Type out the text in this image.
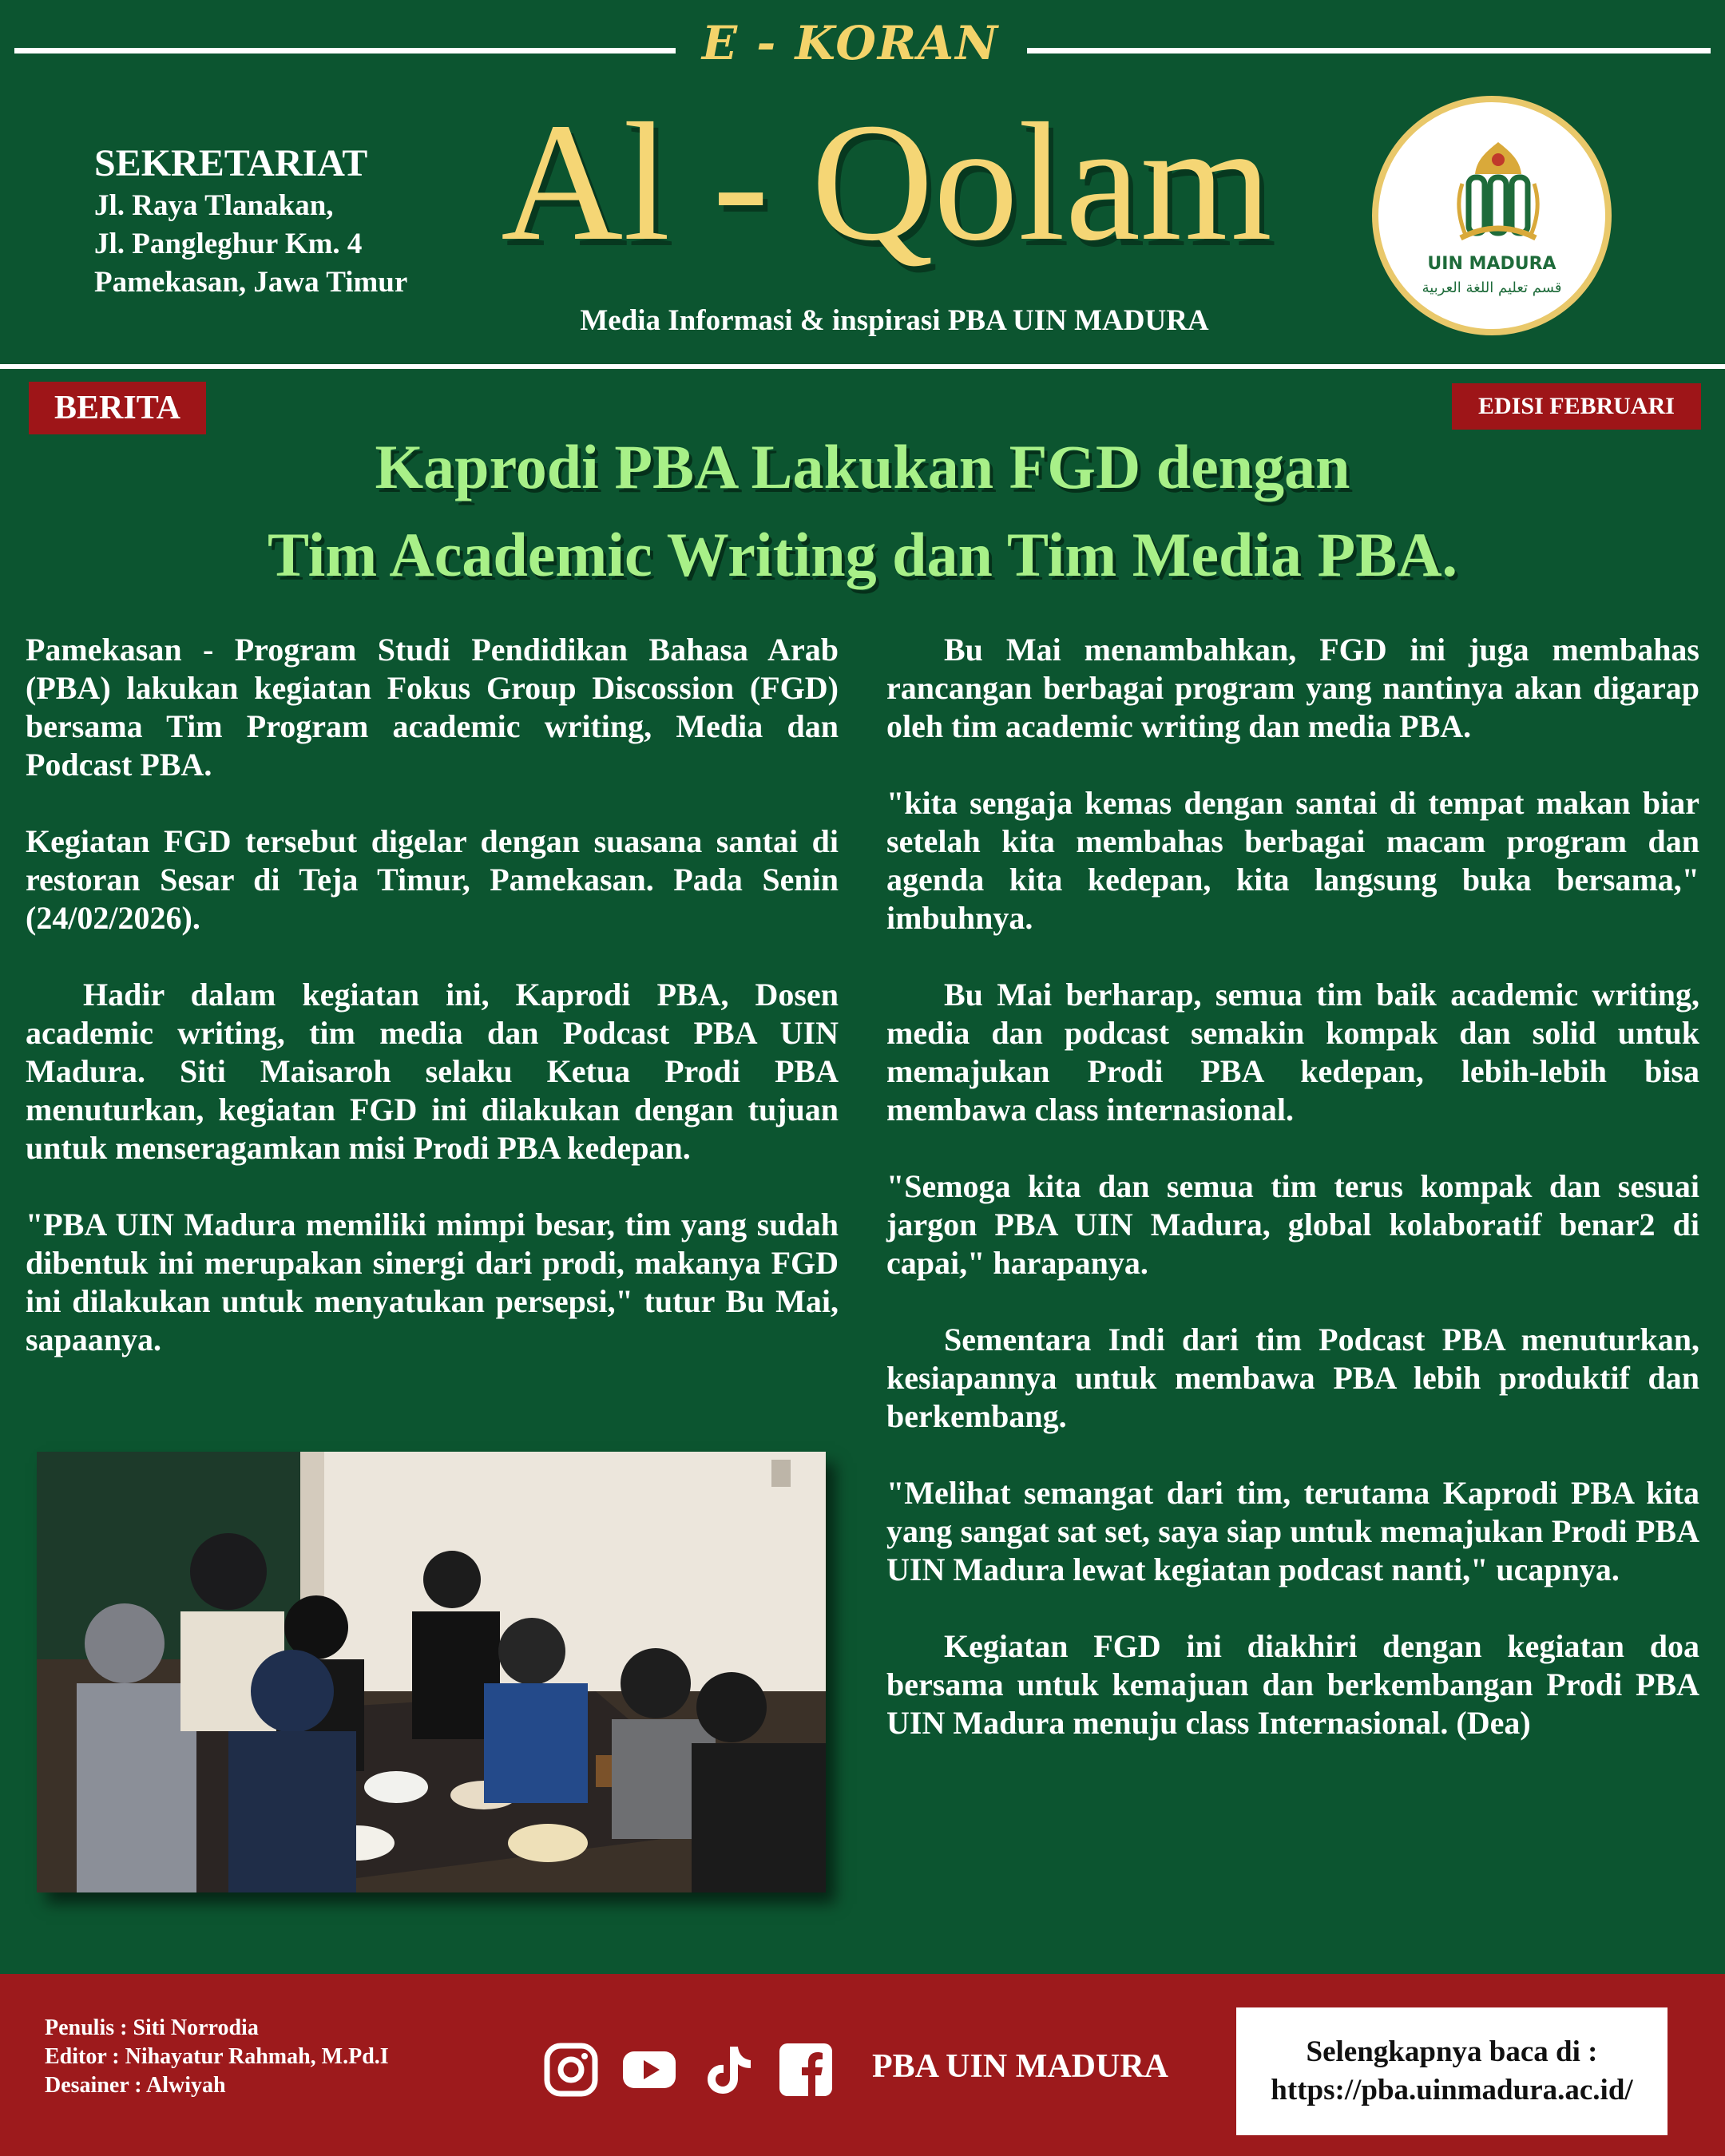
E - KORAN
SEKRETARIAT
Jl. Raya Tlanakan,
Jl. Pangleghur Km. 4
Pamekasan, Jawa Timur
Al - Qolam
Media Informasi & inspirasi PBA UIN MADURA
UIN MADURA
قسم تعليم اللغة العربية
BERITA	EDISI FEBRUARI
Kaprodi PBA Lakukan FGD dengan
Tim Academic Writing dan Tim Media PBA.

Pamekasan - Program Studi Pendidikan Bahasa Arab (PBA) lakukan kegiatan Fokus Group Discossion (FGD) bersama Tim Program academic writing, Media dan Podcast PBA.

Kegiatan FGD tersebut digelar dengan suasana santai di restoran Sesar di Teja Timur, Pamekasan. Pada Senin (24/02/2026).

Hadir dalam kegiatan ini, Kaprodi PBA, Dosen academic writing, tim media dan Podcast PBA UIN Madura. Siti Maisaroh selaku Ketua Prodi PBA menuturkan, kegiatan FGD ini dilakukan dengan tujuan untuk menseragamkan misi Prodi PBA kedepan.

"PBA UIN Madura memiliki mimpi besar, tim yang sudah dibentuk ini merupakan sinergi dari prodi, makanya FGD ini dilakukan untuk menyatukan persepsi," tutur Bu Mai, sapaanya.

Bu Mai menambahkan, FGD ini juga membahas rancangan berbagai program yang nantinya akan digarap oleh tim academic writing dan media PBA.

"kita sengaja kemas dengan santai di tempat makan biar setelah kita membahas berbagai macam program dan agenda kita kedepan, kita langsung buka bersama," imbuhnya.

Bu Mai berharap, semua tim baik academic writing, media dan podcast semakin kompak dan solid untuk memajukan Prodi PBA kedepan, lebih-lebih bisa membawa class internasional.

"Semoga kita dan semua tim terus kompak dan sesuai jargon PBA UIN Madura, global kolaboratif benar2 di capai," harapanya.

Sementara Indi dari tim Podcast PBA menuturkan, kesiapannya untuk membawa PBA lebih produktif dan berkembang.

"Melihat semangat dari tim, terutama Kaprodi PBA kita yang sangat sat set, saya siap untuk memajukan Prodi PBA UIN Madura lewat kegiatan podcast nanti," ucapnya.

Kegiatan FGD ini diakhiri dengan kegiatan doa bersama untuk kemajuan dan berkembangan Prodi PBA UIN Madura menuju class Internasional. (Dea)

Penulis : Siti Norrodia
Editor : Nihayatur Rahmah, M.Pd.I
Desainer : Alwiyah
PBA UIN MADURA	Selengkapnya baca di :
https://pba.uinmadura.ac.id/
